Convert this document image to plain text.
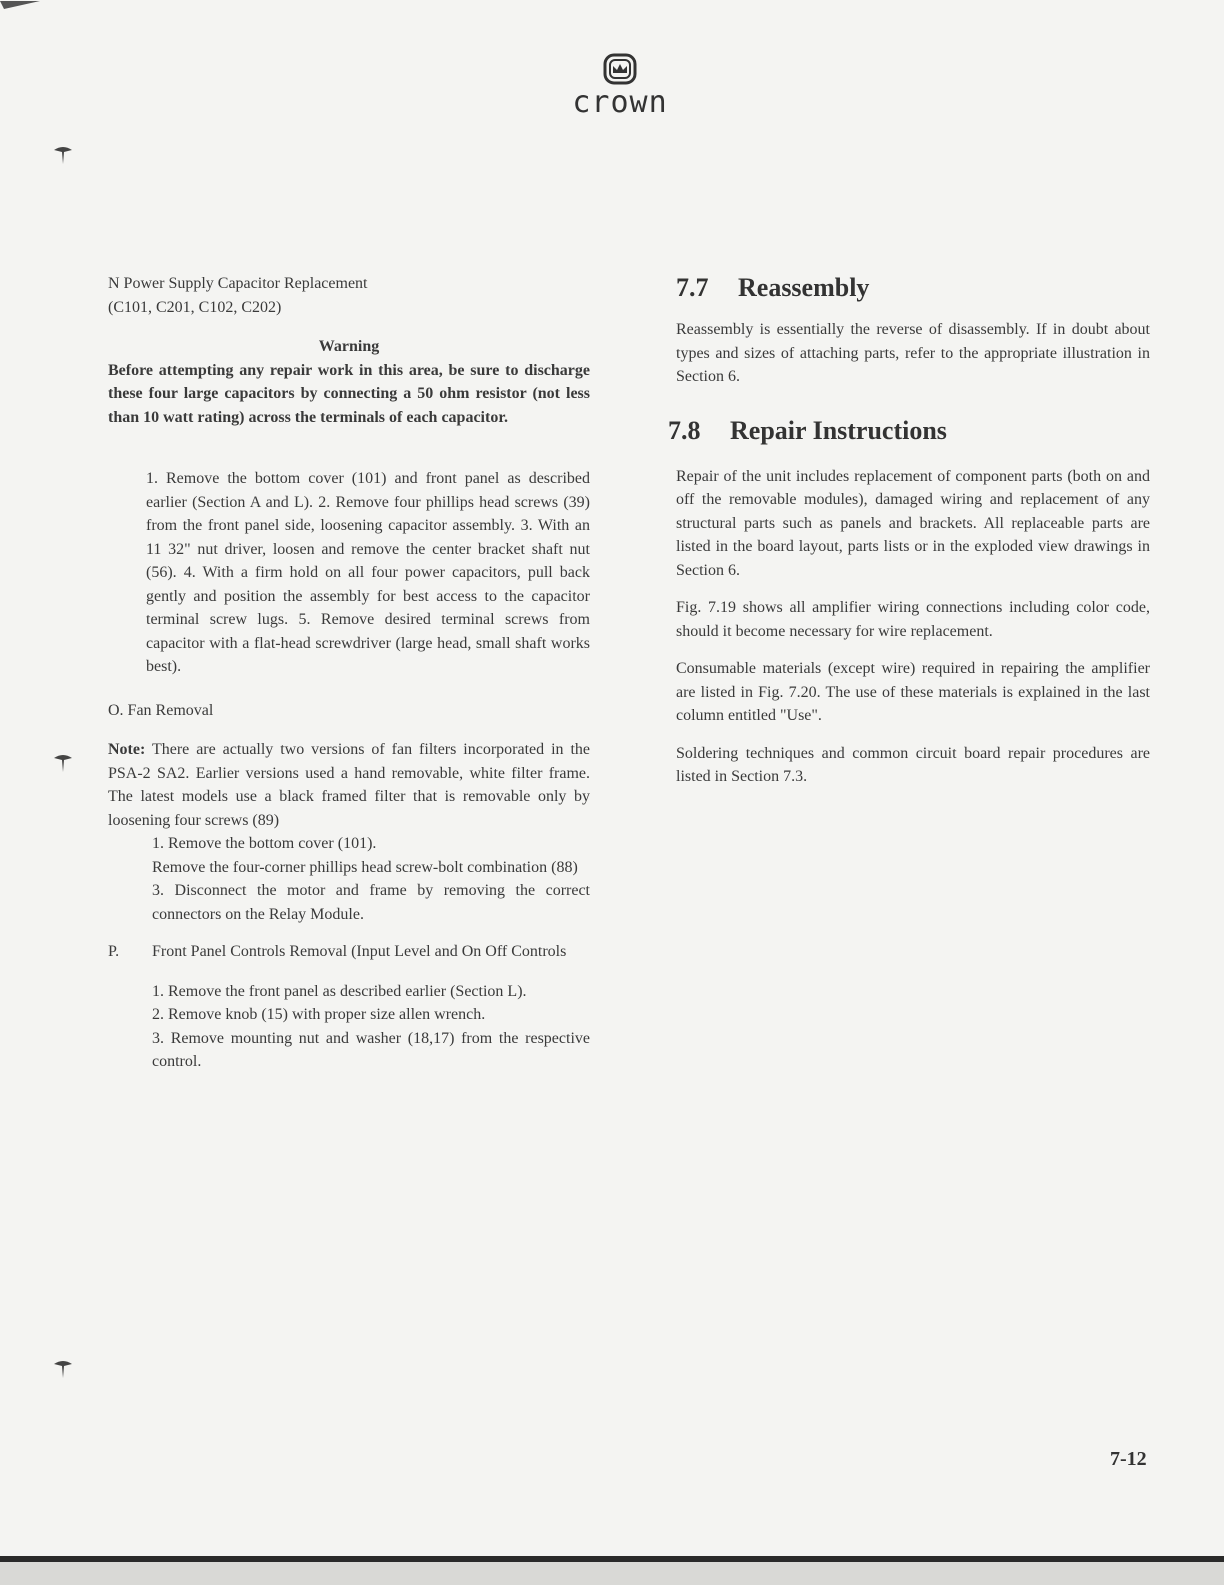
crown

N Power Supply Capacitor Replacement

(C101, C201, C102, C202)

Warning

Before attempting any repair work in this area, be sure to discharge these four large capacitors by connecting a 50 ohm resistor (not less than 10 watt rating) across the terminals of each capacitor.

1. Remove the bottom cover (101) and front panel as described earlier (Section A and L). 2. Remove four phillips head screws (39) from the front panel side, loosening capacitor assembly. 3. With an 11 32" nut driver, loosen and remove the center bracket shaft nut (56). 4. With a firm hold on all four power capacitors, pull back gently and position the assembly for best access to the capacitor terminal screw lugs. 5. Remove desired terminal screws from capacitor with a flat-head screwdriver (large head, small shaft works best).

O. Fan Removal

Note: There are actually two versions of fan filters incorporated in the PSA-2 SA2. Earlier versions used a hand removable, white filter frame. The latest models use a black framed filter that is removable only by loosening four screws (89)

1. Remove the bottom cover (101).

Remove the four-corner phillips head screw-bolt combination (88)

3. Disconnect the motor and frame by removing the correct connectors on the Relay Module.

P.	Front Panel Controls Removal (Input Level and On Off Controls

1. Remove the front panel as described earlier (Section L).

2. Remove knob (15) with proper size allen wrench.

3. Remove mounting nut and washer (18,17) from the respective control.

7.7 Reassembly

Reassembly is essentially the reverse of disassembly. If in doubt about types and sizes of attaching parts, refer to the appropriate illustration in Section 6.

7.8 Repair Instructions

Repair of the unit includes replacement of component parts (both on and off the removable modules), damaged wiring and replacement of any structural parts such as panels and brackets. All replaceable parts are listed in the board layout, parts lists or in the exploded view drawings in Section 6.

Fig. 7.19 shows all amplifier wiring connections including color code, should it become necessary for wire replacement.

Consumable materials (except wire) required in repairing the amplifier are listed in Fig. 7.20. The use of these materials is explained in the last column entitled "Use".

Soldering techniques and common circuit board repair procedures are listed in Section 7.3.

7-12
